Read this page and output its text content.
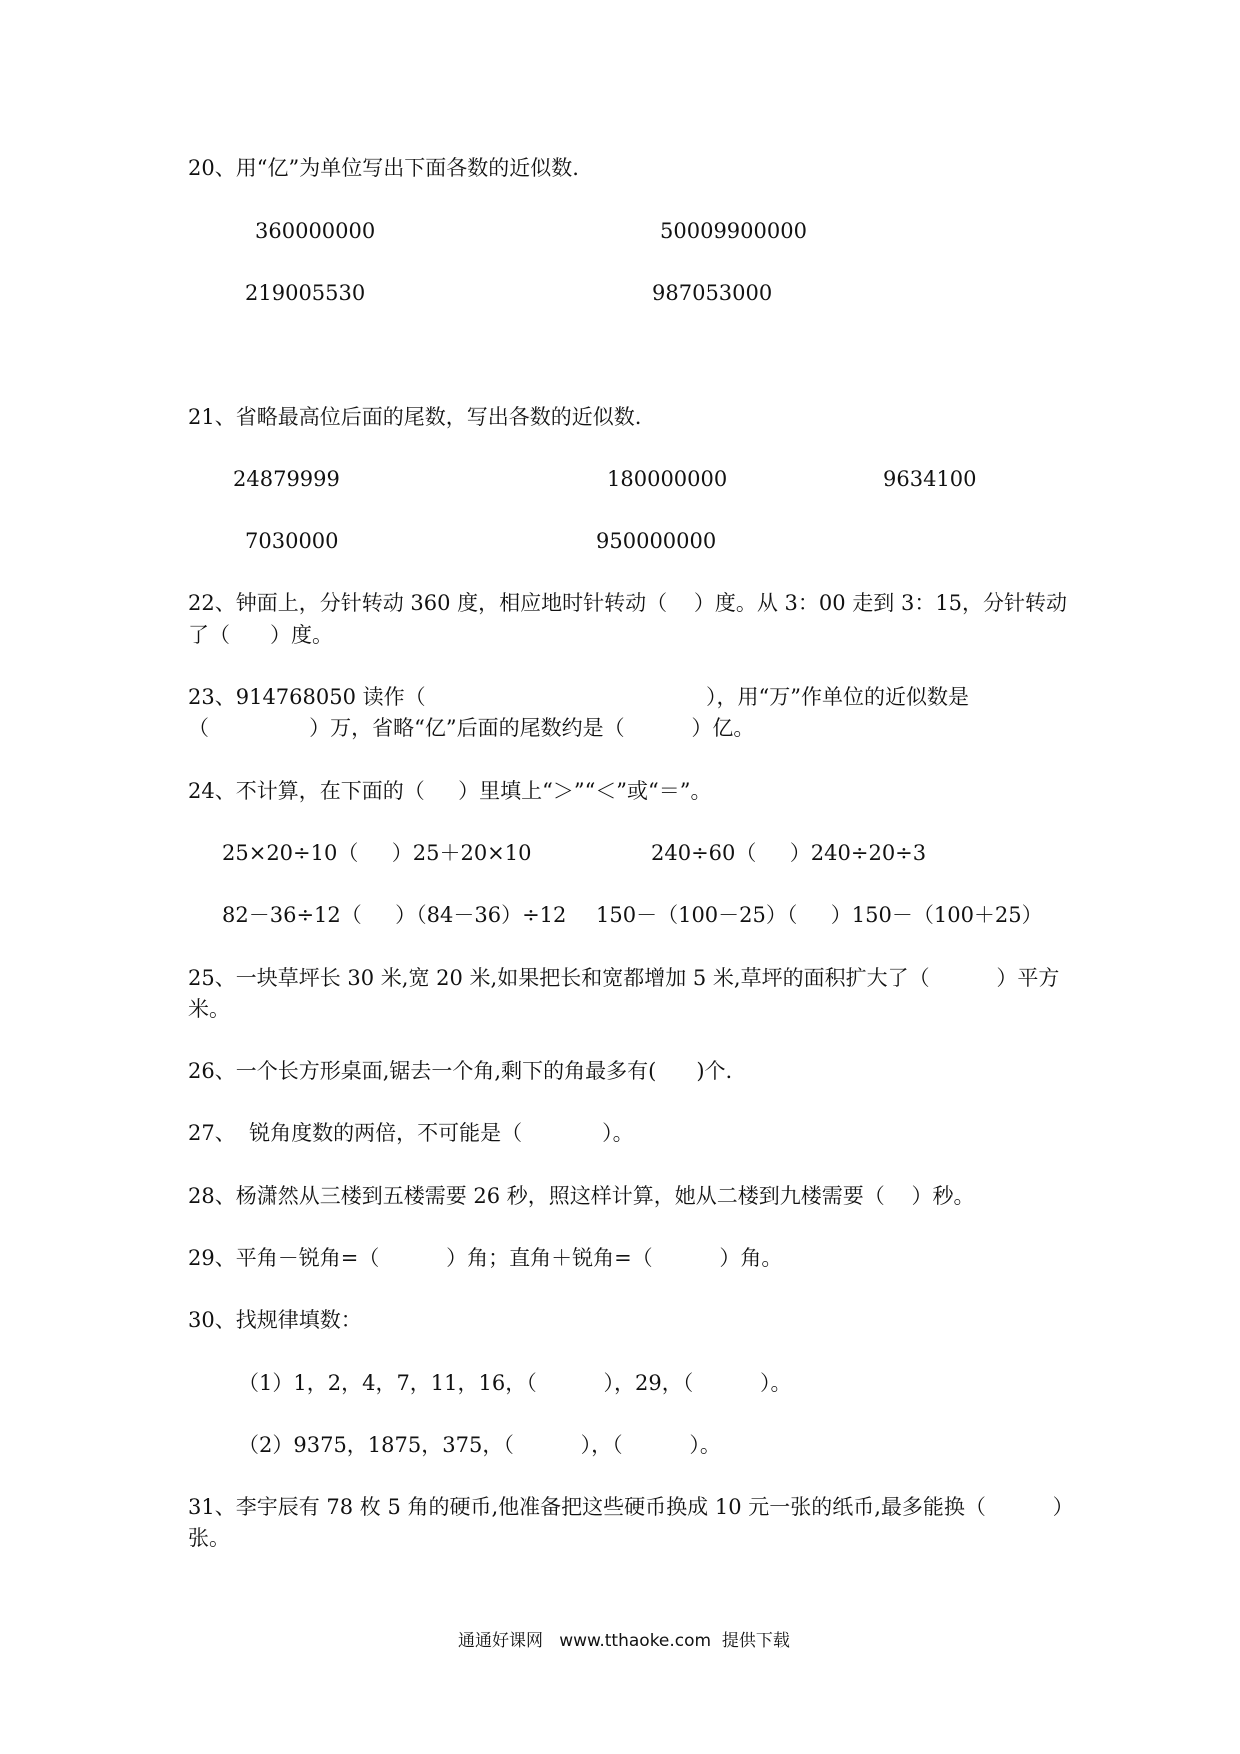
20、用“亿”为单位写出下面各数的近似数.
360000000	50009900000
219005530	987053000
21、省略最高位后面的尾数，写出各数的近似数.
24879999	180000000	9634100
7030000	950000000
22、钟面上，分针转动 360 度，相应地时针转动（    ）度。从 3：00 走到 3：15，分针转动
了（      ）度。
23、914768050 读作（                                          ），用“万”作单位的近似数是
（               ）万，省略“亿”后面的尾数约是（          ）亿。
24、不计算，在下面的（     ）里填上“＞”“＜”或“＝”。
25×20÷10（     ）25＋20×10	240÷60（     ）240÷20÷3
82－36÷12（     ）（84－36）÷12 150－（100－25）（     ）150－（100＋25）
25、一块草坪长 30 米,宽 20 米,如果把长和宽都增加 5 米,草坪的面积扩大了（          ）平方
米。
26、一个长方形桌面,锯去一个角,剩下的角最多有(      )个.
27、  锐角度数的两倍，不可能是（            ）。
28、杨潇然从三楼到五楼需要 26 秒，照这样计算，她从二楼到九楼需要（    ）秒。
29、平角－锐角=（          ）角；直角＋锐角=（          ）角。
30、找规律填数：
（1）1，2，4，7，11，16，（          ），29，（          ）。
（2）9375，1875，375，（          ），（          ）。
31、李宇辰有 78 枚 5 角的硬币,他准备把这些硬币换成 10 元一张的纸币,最多能换（          ）
张。
通通好课网   www.tthaoke.com  提供下载
